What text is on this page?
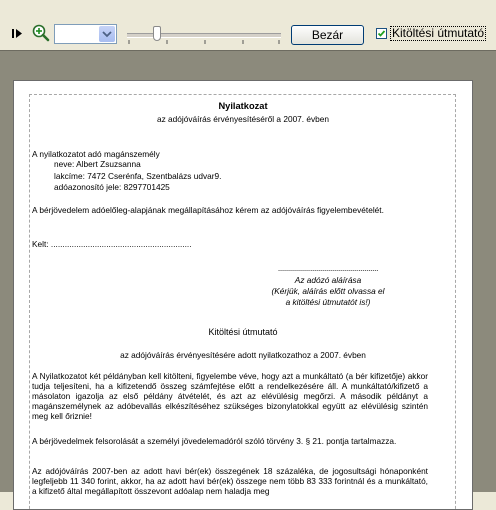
Bezár	Kitöltési útmutató
Nyilatkozat
az adójóváírás érvényesítéséről a 2007. évben
A nyilatkozatot adó magánszemély
neve: Albert Zsuzsanna
lakcíme: 7472 Cserénfa, Szentbalázs udvar9.
adóazonosító jele: 8297701425
A bérjövedelem adóelőleg-alapjának megállapításához kérem az adójóváírás figyelembevételét.
Kelt: .............................................................
..................................................
Az adózó aláírása
(Kérjük, aláírás előtt olvassa el
a kitöltési útmutatót is!)
Kitöltési útmutató
az adójóváírás érvényesítésére adott nyilatkozathoz a 2007. évben
A Nyilatkozatot két példányban kell kitölteni, figyelembe véve, hogy azt a munkáltató (a bér kifizetője) akkor tudja teljesíteni, ha a kifizetendő összeg számfejtése előtt a rendelkezésére áll. A munkáltató/kifizető a másolaton igazolja az első példány átvételét, és azt az elévülésig megőrzi. A második példányt a magánszemélynek az adóbevallás elkészítéséhez szükséges bizonylatokkal együtt az elévülésig szintén meg kell őriznie!
A bérjövedelmek felsorolását a személyi jövedelemadóról szóló törvény 3. § 21. pontja tartalmazza.
Az adójóváírás 2007-ben az adott havi bér(ek) összegének 18 százaléka, de jogosultsági hónaponként legfeljebb 11 340 forint, akkor, ha az adott havi bér(ek) összege nem több 83 333 forintnál és a munkáltató, a kifizető által megállapított összevont adóalap nem haladja meg
